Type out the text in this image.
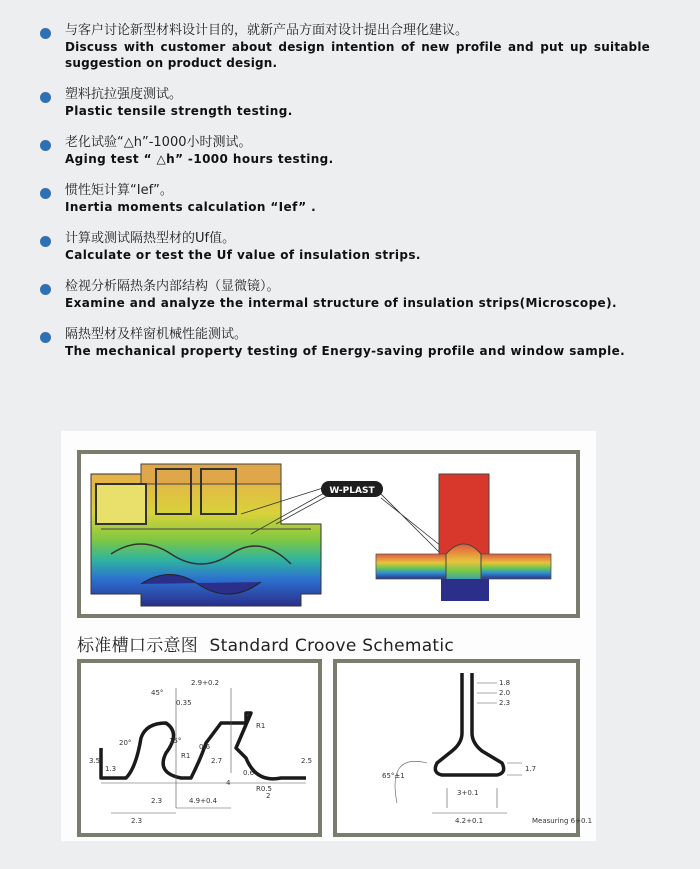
与客户讨论新型材料设计目的，就新产品方面对设计提出合理化建议。
Discuss with customer about design intention of new profile and put up suitable suggestion on product design.
塑料抗拉强度测试。
Plastic tensile strength testing.
老化试验“△h”-1000小时测试。
Aging test “ △h” -1000 hours testing.
惯性矩计算“Ief”。
Inertia moments calculation “Ief” .
计算或测试隔热型材的Uf值。
Calculate or test the Uf value of insulation strips.
检视分析隔热条内部结构（显微镜）。
Examine and analyze the intermal structure of insulation strips(Microscope).
隔热型材及样窗机械性能测试。
The mechanical property testing of Energy-saving profile and window sample.
W-PLAST
标准槽口示意图 Standard Croove Schematic
2.9+0.2
45°
0.35
R1
20°	15°
R1
3.5
1.3
2.7
0.6
4
0.6
2.5
4.9+0.4
2.3
2
2.3
R0.5
1.8
2.0
2.3
1.7
65°±1
3+0.1
4.2+0.1	Measuring 6+0.1
